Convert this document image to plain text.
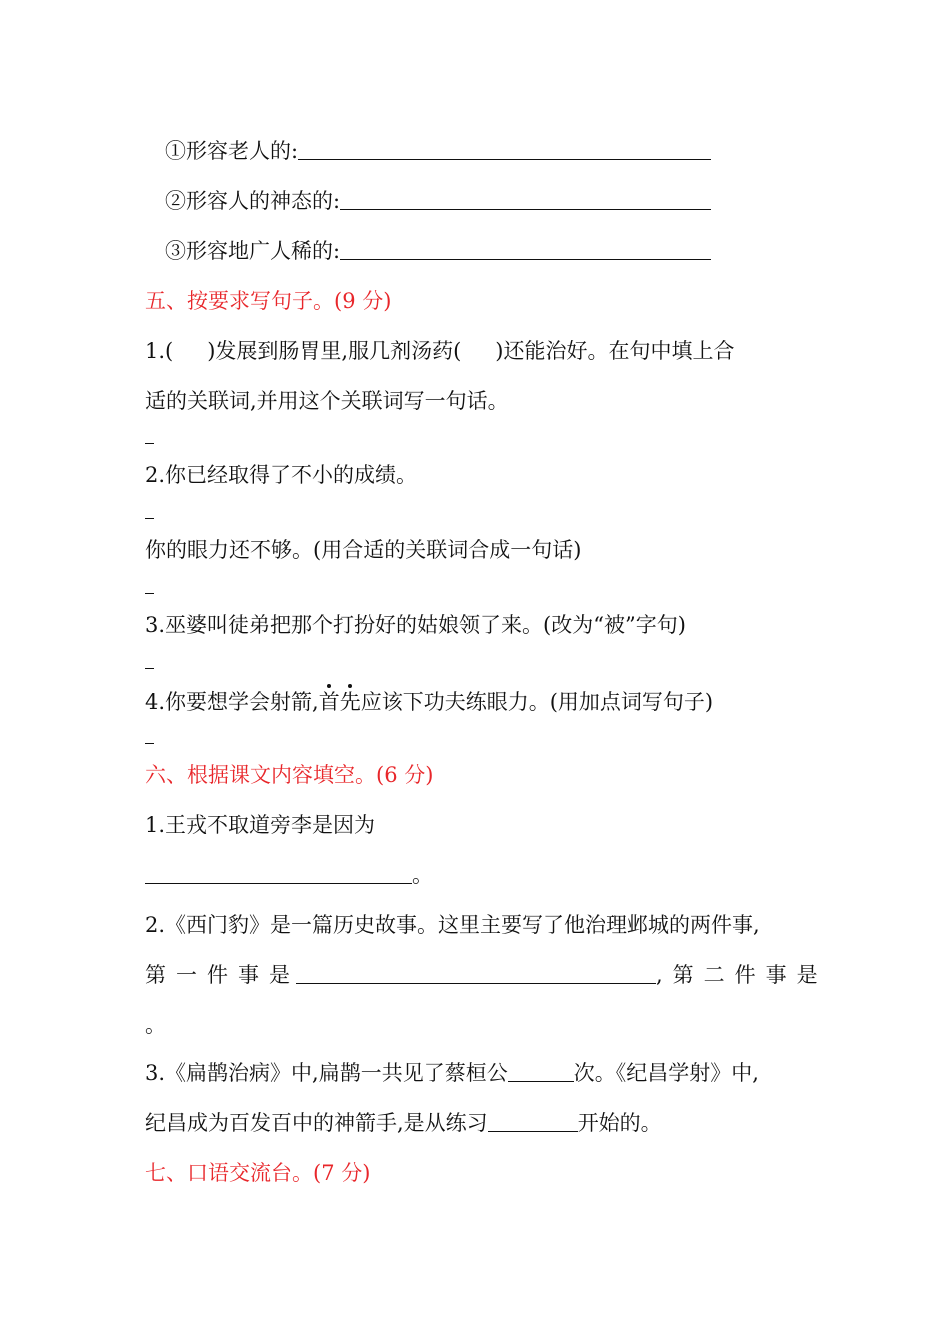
①形容老人的:
②形容人的神态的:
③形容地广人稀的:
五、按要求写句子。(9 分)
1.( )发展到肠胃里,服几剂汤药( )还能治好。在句中填上合
适的关联词,并用这个关联词写一句话。
2.你已经取得了不小的成绩。
你的眼力还不够。(用合适的关联词合成一句话)
3.巫婆叫徒弟把那个打扮好的姑娘领了来。(改为“被”字句)
4.你要想学会射箭,首先应该下功夫练眼力。(用加点词写句子)
六、根据课文内容填空。(6 分)
1.王戎不取道旁李是因为
。
2.《西门豹》是一篇历史故事。这里主要写了他治理邺城的两件事,
第一件事是	,第二件事是
。
3.《扁鹊治病》中,扁鹊一共见了蔡桓公	次。《纪昌学射》中,
纪昌成为百发百中的神箭手,是从练习	开始的。
七、口语交流台。(7 分)
